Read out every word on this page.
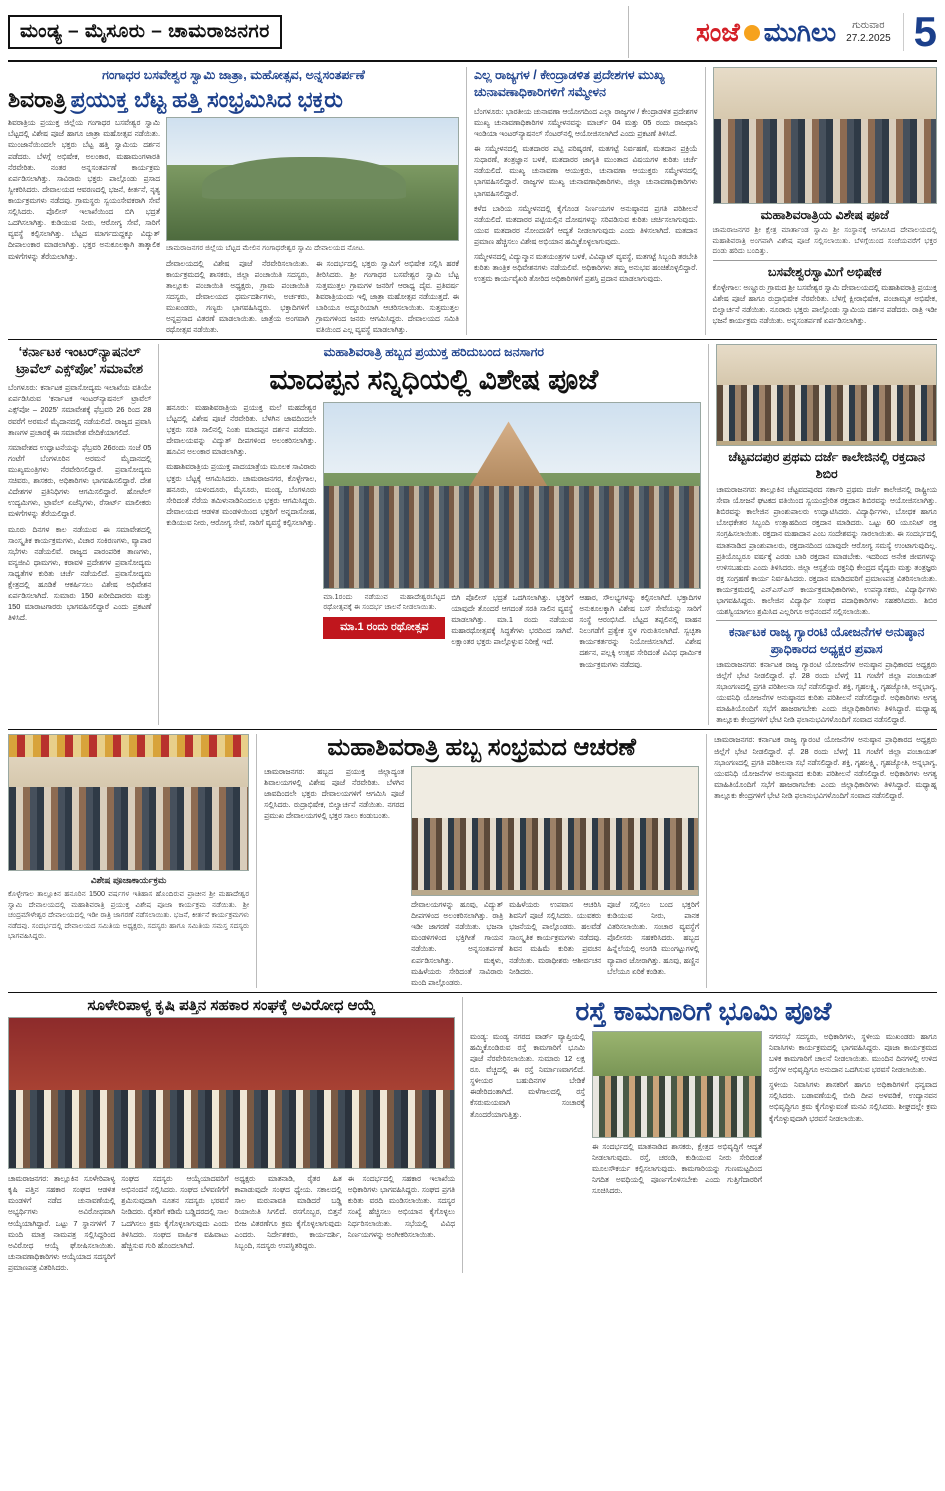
ಮಂಡ್ಯ – ಮೈಸೂರು – ಚಾಮರಾಜನಗರ	ಸಂಜೆ ಮುಗಿಲು	ಗುರುವಾರ
27.2.2025 5
ಗಂಗಾಧರ ಬಸವೇಶ್ವರ ಸ್ವಾಮಿ ಜಾತ್ರಾ, ಮಹೋತ್ಸವ, ಅನ್ನಸಂತರ್ಪಣೆ
ಶಿವರಾತ್ರಿ ಪ್ರಯುಕ್ತ ಬೆಟ್ಟ ಹತ್ತಿ ಸಂಭ್ರಮಿಸಿದ ಭಕ್ತರು
ಶಿವರಾತ್ರಿಯ ಪ್ರಯುಕ್ತ ಜಿಲ್ಲೆಯ ಗಂಗಾಧರ ಬಸವೇಶ್ವರ ಸ್ವಾಮಿ ಬೆಟ್ಟದಲ್ಲಿ ವಿಶೇಷ ಪೂಜೆ ಹಾಗೂ ಜಾತ್ರಾ ಮಹೋತ್ಸವ ನಡೆಯಿತು. ಮುಂಜಾನೆಯಿಂದಲೇ ಭಕ್ತರು ಬೆಟ್ಟ ಹತ್ತಿ ಸ್ವಾಮಿಯ ದರ್ಶನ ಪಡೆದರು. ಬೆಳಗ್ಗೆ ಅಭಿಷೇಕ, ಅಲಂಕಾರ, ಮಹಾಮಂಗಳಾರತಿ ನೆರವೇರಿತು. ನಂತರ ಅನ್ನಸಂತರ್ಪಣೆ ಕಾರ್ಯಕ್ರಮ ಏರ್ಪಡಿಸಲಾಗಿತ್ತು. ಸಾವಿರಾರು ಭಕ್ತರು ಪಾಲ್ಗೊಂಡು ಪ್ರಸಾದ ಸ್ವೀಕರಿಸಿದರು. ದೇವಾಲಯದ ಆವರಣದಲ್ಲಿ ಭಜನೆ, ಕೀರ್ತನೆ, ನೃತ್ಯ ಕಾರ್ಯಕ್ರಮಗಳು ನಡೆದವು. ಗ್ರಾಮಸ್ಥರು ಸ್ವಯಂಸೇವಕರಾಗಿ ಸೇವೆ ಸಲ್ಲಿಸಿದರು. ಪೊಲೀಸ್ ಇಲಾಖೆಯಿಂದ ಬಿಗಿ ಭದ್ರತೆ ಒದಗಿಸಲಾಗಿತ್ತು. ಕುಡಿಯುವ ನೀರು, ಆರೋಗ್ಯ ಸೇವೆ, ಸಾರಿಗೆ ವ್ಯವಸ್ಥೆ ಕಲ್ಪಿಸಲಾಗಿತ್ತು. ಬೆಟ್ಟದ ಮಾರ್ಗದುದ್ದಕ್ಕೂ ವಿದ್ಯುತ್ ದೀಪಾಲಂಕಾರ ಮಾಡಲಾಗಿತ್ತು. ಭಕ್ತರ ಅನುಕೂಲಕ್ಕಾಗಿ ತಾತ್ಕಾಲಿಕ ಮಳಿಗೆಗಳನ್ನು ತೆರೆಯಲಾಗಿತ್ತು.
ಚಾಮರಾಜನಗರ ಜಿಲ್ಲೆಯ ಬೆಟ್ಟದ ಮೇಲಿನ ಗಂಗಾಧರೇಶ್ವರ ಸ್ವಾಮಿ ದೇವಾಲಯದ ನೋಟ.
ದೇವಾಲಯದಲ್ಲಿ ವಿಶೇಷ ಪೂಜೆ ನೆರವೇರಿಸಲಾಯಿತು. ಕಾರ್ಯಕ್ರಮದಲ್ಲಿ ಶಾಸಕರು, ಜಿಲ್ಲಾ ಪಂಚಾಯಿತಿ ಸದಸ್ಯರು, ತಾಲ್ಲೂಕು ಪಂಚಾಯಿತಿ ಅಧ್ಯಕ್ಷರು, ಗ್ರಾಮ ಪಂಚಾಯಿತಿ ಸದಸ್ಯರು, ದೇವಾಲಯದ ಧರ್ಮದರ್ಶಿಗಳು, ಅರ್ಚಕರು, ಮುಖಂಡರು, ಗಣ್ಯರು ಭಾಗವಹಿಸಿದ್ದರು. ಭಕ್ತಾದಿಗಳಿಗೆ ಅನ್ನಪ್ರಸಾದ ವಿತರಣೆ ಮಾಡಲಾಯಿತು. ಜಾತ್ರೆಯ ಅಂಗವಾಗಿ ರಥೋತ್ಸವ ನಡೆಯಿತು.
ಈ ಸಂದರ್ಭದಲ್ಲಿ ಭಕ್ತರು ಸ್ವಾಮಿಗೆ ಅಭಿಷೇಕ ಸಲ್ಲಿಸಿ ಹರಕೆ ತೀರಿಸಿದರು. ಶ್ರೀ ಗಂಗಾಧರ ಬಸವೇಶ್ವರ ಸ್ವಾಮಿ ಬೆಟ್ಟ ಸುತ್ತಮುತ್ತಲ ಗ್ರಾಮಗಳ ಜನರಿಗೆ ಆರಾಧ್ಯ ದೈವ. ಪ್ರತಿವರ್ಷ ಶಿವರಾತ್ರಿಯಂದು ಇಲ್ಲಿ ಜಾತ್ರಾ ಮಹೋತ್ಸವ ನಡೆಯುತ್ತದೆ. ಈ ಬಾರಿಯೂ ಅದ್ದೂರಿಯಾಗಿ ಆಚರಿಸಲಾಯಿತು. ಸುತ್ತಮುತ್ತಲ ಗ್ರಾಮಗಳಿಂದ ಜನರು ಆಗಮಿಸಿದ್ದರು. ದೇವಾಲಯದ ಸಮಿತಿ ವತಿಯಿಂದ ಎಲ್ಲ ವ್ಯವಸ್ಥೆ ಮಾಡಲಾಗಿತ್ತು.
ಎಲ್ಲ ರಾಜ್ಯಗಳ / ಕೇಂದ್ರಾಡಳಿತ ಪ್ರದೇಶಗಳ ಮುಖ್ಯ ಚುನಾವಣಾಧಿಕಾರಿಗಳಿಗೆ ಸಮ್ಮೇಳನ
ಬೆಂಗಳೂರು: ಭಾರತೀಯ ಚುನಾವಣಾ ಆಯೋಗದಿಂದ ಎಲ್ಲಾ ರಾಜ್ಯಗಳ / ಕೇಂದ್ರಾಡಳಿತ ಪ್ರದೇಶಗಳ ಮುಖ್ಯ ಚುನಾವಣಾಧಿಕಾರಿಗಳ ಸಮ್ಮೇಳನವನ್ನು ಮಾರ್ಚ್ 04 ಮತ್ತು 05 ರಂದು ರಾಜಧಾನಿ ಇಂಡಿಯಾ ಇಂಟರ್‌ನ್ಯಾಷನಲ್ ಸೆಂಟರ್‌ನಲ್ಲಿ ಆಯೋಜಿಸಲಾಗಿದೆ ಎಂದು ಪ್ರಕಟಣೆ ತಿಳಿಸಿದೆ.
ಈ ಸಮ್ಮೇಳನದಲ್ಲಿ ಮತದಾರರ ಪಟ್ಟಿ ಪರಿಷ್ಕರಣೆ, ಮತಗಟ್ಟೆ ನಿರ್ವಹಣೆ, ಮತದಾನ ಪ್ರಕ್ರಿಯೆ ಸುಧಾರಣೆ, ತಂತ್ರಜ್ಞಾನ ಬಳಕೆ, ಮತದಾರರ ಜಾಗೃತಿ ಮುಂತಾದ ವಿಷಯಗಳ ಕುರಿತು ಚರ್ಚೆ ನಡೆಯಲಿದೆ. ಮುಖ್ಯ ಚುನಾವಣಾ ಆಯುಕ್ತರು, ಚುನಾವಣಾ ಆಯುಕ್ತರು ಸಮ್ಮೇಳನದಲ್ಲಿ ಭಾಗವಹಿಸಲಿದ್ದಾರೆ. ರಾಜ್ಯಗಳ ಮುಖ್ಯ ಚುನಾವಣಾಧಿಕಾರಿಗಳು, ಜಿಲ್ಲಾ ಚುನಾವಣಾಧಿಕಾರಿಗಳು ಭಾಗವಹಿಸಲಿದ್ದಾರೆ.
ಕಳೆದ ಬಾರಿಯ ಸಮ್ಮೇಳನದಲ್ಲಿ ಕೈಗೊಂಡ ನಿರ್ಣಯಗಳ ಅನುಷ್ಠಾನದ ಪ್ರಗತಿ ಪರಿಶೀಲನೆ ನಡೆಯಲಿದೆ. ಮತದಾರರ ಪಟ್ಟಿಯಲ್ಲಿನ ದೋಷಗಳನ್ನು ಸರಿಪಡಿಸುವ ಕುರಿತು ಚರ್ಚಿಸಲಾಗುವುದು. ಯುವ ಮತದಾರರ ನೋಂದಣಿಗೆ ಆದ್ಯತೆ ನೀಡಲಾಗುವುದು ಎಂದು ತಿಳಿಸಲಾಗಿದೆ. ಮತದಾನ ಪ್ರಮಾಣ ಹೆಚ್ಚಿಸಲು ವಿಶೇಷ ಅಭಿಯಾನ ಹಮ್ಮಿಕೊಳ್ಳಲಾಗುವುದು.
ಸಮ್ಮೇಳನದಲ್ಲಿ ವಿದ್ಯುನ್ಮಾನ ಮತಯಂತ್ರಗಳ ಬಳಕೆ, ವಿವಿಪ್ಯಾಟ್ ವ್ಯವಸ್ಥೆ, ಮತಗಟ್ಟೆ ಸಿಬ್ಬಂದಿ ತರಬೇತಿ ಕುರಿತು ತಾಂತ್ರಿಕ ಅಧಿವೇಶನಗಳು ನಡೆಯಲಿವೆ. ಅಧಿಕಾರಿಗಳು ತಮ್ಮ ಅನುಭವ ಹಂಚಿಕೊಳ್ಳಲಿದ್ದಾರೆ. ಉತ್ತಮ ಕಾರ್ಯವೈಖರಿ ತೋರಿದ ಅಧಿಕಾರಿಗಳಿಗೆ ಪ್ರಶಸ್ತಿ ಪ್ರದಾನ ಮಾಡಲಾಗುವುದು.
ಮಹಾಶಿವರಾತ್ರಿಯ ವಿಶೇಷ ಪೂಜೆ
ಚಾಮರಾಜನಗರ ಶ್ರೀ ಕ್ಷೇತ್ರ ಮಾರ್ತಾಂಡ ಸ್ವಾಮಿ ಶ್ರೀ ಸಂಸ್ಥಾನಕ್ಕೆ ಆಗಮಿಸಿದ ದೇವಾಲಯದಲ್ಲಿ ಮಹಾಶಿವರಾತ್ರಿ ಅಂಗವಾಗಿ ವಿಶೇಷ ಪೂಜೆ ಸಲ್ಲಿಸಲಾಯಿತು. ಬೆಳಗ್ಗೆಯಿಂದ ಸಂಜೆಯವರೆಗೆ ಭಕ್ತರ ದಂಡು ಹರಿದು ಬಂದಿತ್ತು.
ಬಸವೇಶ್ವರಸ್ವಾಮಿಗೆ ಅಭಿಷೇಕ
ಕೊಳ್ಳೇಗಾಲ: ಅಣ್ಣೂರು ಗ್ರಾಮದ ಶ್ರೀ ಬಸವೇಶ್ವರ ಸ್ವಾಮಿ ದೇವಾಲಯದಲ್ಲಿ ಮಹಾಶಿವರಾತ್ರಿ ಪ್ರಯುಕ್ತ ವಿಶೇಷ ಪೂಜೆ ಹಾಗೂ ರುದ್ರಾಭಿಷೇಕ ನೆರವೇರಿತು. ಬೆಳಗ್ಗೆ ಕ್ಷೀರಾಭಿಷೇಕ, ಪಂಚಾಮೃತ ಅಭಿಷೇಕ, ಬಿಲ್ವಾರ್ಚನೆ ನಡೆಯಿತು. ನೂರಾರು ಭಕ್ತರು ಪಾಲ್ಗೊಂಡು ಸ್ವಾಮಿಯ ದರ್ಶನ ಪಡೆದರು. ರಾತ್ರಿ ಇಡೀ ಭಜನೆ ಕಾರ್ಯಕ್ರಮ ನಡೆಯಿತು. ಅನ್ನಸಂತರ್ಪಣೆ ಏರ್ಪಡಿಸಲಾಗಿತ್ತು.
‘ಕರ್ನಾಟಕ ಇಂಟರ್‌ನ್ಯಾಷನಲ್
ಟ್ರಾವೆಲ್ ಎಕ್ಸ್‌ಪೋ’ ಸಮಾವೇಶ
ಬೆಂಗಳೂರು: ಕರ್ನಾಟಕ ಪ್ರವಾಸೋದ್ಯಮ ಇಲಾಖೆಯ ವತಿಯೇ ಏರ್ಪಡಿಸಿರುವ ‘ಕರ್ನಾಟಕ ಇಂಟರ್‌ನ್ಯಾಷನಲ್ ಟ್ರಾವೆಲ್ ಎಕ್ಸ್‌ಪೋ – 2025’ ಸಮಾವೇಶಕ್ಕೆ ಫೆಬ್ರವರಿ 26 ರಿಂದ 28 ರವರೆಗೆ ಅರಮನೆ ಮೈದಾನದಲ್ಲಿ ನಡೆಯಲಿದೆ. ರಾಜ್ಯದ ಪ್ರವಾಸಿ ತಾಣಗಳ ಪ್ರಚಾರಕ್ಕೆ ಈ ಸಮಾವೇಶ ವೇದಿಕೆಯಾಗಲಿದೆ.
ಸಮಾವೇಶದ ಉದ್ಘಾಟನೆಯನ್ನು ಫೆಬ್ರವರಿ 26ರಂದು ಸಂಜೆ 05 ಗಂಟೆಗೆ ಬೆಂಗಳೂರಿನ ಅರಮನೆ ಮೈದಾನದಲ್ಲಿ ಮುಖ್ಯಮಂತ್ರಿಗಳು ನೆರವೇರಿಸಲಿದ್ದಾರೆ. ಪ್ರವಾಸೋದ್ಯಮ ಸಚಿವರು, ಶಾಸಕರು, ಅಧಿಕಾರಿಗಳು ಭಾಗವಹಿಸಲಿದ್ದಾರೆ. ದೇಶ ವಿದೇಶಗಳ ಪ್ರತಿನಿಧಿಗಳು ಆಗಮಿಸಲಿದ್ದಾರೆ. ಹೋಟೆಲ್ ಉದ್ಯಮಿಗಳು, ಟ್ರಾವೆಲ್ ಏಜೆನ್ಸಿಗಳು, ರೆಸಾರ್ಟ್ ಮಾಲೀಕರು ಮಳಿಗೆಗಳನ್ನು ತೆರೆಯಲಿದ್ದಾರೆ.
ಮೂರು ದಿನಗಳ ಕಾಲ ನಡೆಯುವ ಈ ಸಮಾವೇಶದಲ್ಲಿ ಸಾಂಸ್ಕೃತಿಕ ಕಾರ್ಯಕ್ರಮಗಳು, ವಿಚಾರ ಸಂಕಿರಣಗಳು, ವ್ಯಾಪಾರ ಸಭೆಗಳು ನಡೆಯಲಿವೆ. ರಾಜ್ಯದ ಪಾರಂಪರಿಕ ತಾಣಗಳು, ವನ್ಯಜೀವಿ ಧಾಮಗಳು, ಕರಾವಳಿ ಪ್ರದೇಶಗಳ ಪ್ರವಾಸೋದ್ಯಮ ಸಾಧ್ಯತೆಗಳ ಕುರಿತು ಚರ್ಚೆ ನಡೆಯಲಿದೆ. ಪ್ರವಾಸೋದ್ಯಮ ಕ್ಷೇತ್ರದಲ್ಲಿ ಹೂಡಿಕೆ ಆಕರ್ಷಿಸಲು ವಿಶೇಷ ಅಧಿವೇಶನ ಏರ್ಪಡಿಸಲಾಗಿದೆ. ಸುಮಾರು 150 ಖರೀದಿದಾರರು ಮತ್ತು 150 ಮಾರಾಟಗಾರರು ಭಾಗವಹಿಸಲಿದ್ದಾರೆ ಎಂದು ಪ್ರಕಟಣೆ ತಿಳಿಸಿದೆ.
ಮಹಾಶಿವರಾತ್ರಿ ಹಬ್ಬದ ಪ್ರಯುಕ್ತ ಹರಿದುಬಂದ ಜನಸಾಗರ
ಮಾದಪ್ಪನ ಸನ್ನಿಧಿಯಲ್ಲಿ ವಿಶೇಷ ಪೂಜೆ
ಹನೂರು: ಮಹಾಶಿವರಾತ್ರಿಯ ಪ್ರಯುಕ್ತ ಮಲೆ ಮಹದೇಶ್ವರ ಬೆಟ್ಟದಲ್ಲಿ ವಿಶೇಷ ಪೂಜೆ ನೆರವೇರಿತು. ಬೆಳಗಿನ ಜಾವದಿಂದಲೇ ಭಕ್ತರು ಸರತಿ ಸಾಲಿನಲ್ಲಿ ನಿಂತು ಮಾದಪ್ಪನ ದರ್ಶನ ಪಡೆದರು. ದೇವಾಲಯವನ್ನು ವಿದ್ಯುತ್ ದೀಪಗಳಿಂದ ಅಲಂಕರಿಸಲಾಗಿತ್ತು. ಹೂವಿನ ಅಲಂಕಾರ ಮಾಡಲಾಗಿತ್ತು.
ಮಹಾಶಿವರಾತ್ರಿಯ ಪ್ರಯುಕ್ತ ಪಾದಯಾತ್ರೆಯ ಮೂಲಕ ಸಾವಿರಾರು ಭಕ್ತರು ಬೆಟ್ಟಕ್ಕೆ ಆಗಮಿಸಿದರು. ಚಾಮರಾಜನಗರ, ಕೊಳ್ಳೇಗಾಲ, ಹನೂರು, ಯಳಂದೂರು, ಮೈಸೂರು, ಮಂಡ್ಯ, ಬೆಂಗಳೂರು ಸೇರಿದಂತೆ ನೆರೆಯ ತಮಿಳುನಾಡಿನಿಂದಲೂ ಭಕ್ತರು ಆಗಮಿಸಿದ್ದರು. ದೇವಾಲಯದ ಆಡಳಿತ ಮಂಡಳಿಯಿಂದ ಭಕ್ತರಿಗೆ ಅನ್ನದಾಸೋಹ, ಕುಡಿಯುವ ನೀರು, ಆರೋಗ್ಯ ಸೇವೆ, ಸಾರಿಗೆ ವ್ಯವಸ್ಥೆ ಕಲ್ಪಿಸಲಾಗಿತ್ತು.
ಮಾ.1ರಂದು ನಡೆಯುವ ಮಹಾದೇಶ್ವರಬೆಟ್ಟದ ರಥೋತ್ಸವಕ್ಕೆ ಈ ಸಂದರ್ಭ ಚಾಲನೆ ನೀಡಲಾಯಿತು.
ಮಾ.1 ರಂದು ರಥೋತ್ಸವ
ಬಿಗಿ ಪೊಲೀಸ್ ಭದ್ರತೆ ಒದಗಿಸಲಾಗಿತ್ತು. ಭಕ್ತರಿಗೆ ಯಾವುದೇ ತೊಂದರೆ ಆಗದಂತೆ ಸರತಿ ಸಾಲಿನ ವ್ಯವಸ್ಥೆ ಮಾಡಲಾಗಿತ್ತು. ಮಾ.1 ರಂದು ನಡೆಯುವ ಮಹಾರಥೋತ್ಸವಕ್ಕೆ ಸಿದ್ಧತೆಗಳು ಭರದಿಂದ ಸಾಗಿವೆ. ಲಕ್ಷಾಂತರ ಭಕ್ತರು ಪಾಲ್ಗೊಳ್ಳುವ ನಿರೀಕ್ಷೆ ಇದೆ.
ಆಹಾರ, ಸೌಲಭ್ಯಗಳನ್ನು ಕಲ್ಪಿಸಲಾಗಿದೆ. ಭಕ್ತಾದಿಗಳ ಅನುಕೂಲಕ್ಕಾಗಿ ವಿಶೇಷ ಬಸ್ ಸೇವೆಯನ್ನು ಸಾರಿಗೆ ಸಂಸ್ಥೆ ಆರಂಭಿಸಿದೆ. ಬೆಟ್ಟದ ತಪ್ಪಲಿನಲ್ಲಿ ವಾಹನ ನಿಲುಗಡೆಗೆ ಪ್ರತ್ಯೇಕ ಸ್ಥಳ ಗುರುತಿಸಲಾಗಿದೆ. ಸ್ವಚ್ಛತಾ ಕಾರ್ಯಕರ್ತರನ್ನು ನಿಯೋಜಿಸಲಾಗಿದೆ. ವಿಶೇಷ ದರ್ಶನ, ಪಲ್ಲಕ್ಕಿ ಉತ್ಸವ ಸೇರಿದಂತೆ ವಿವಿಧ ಧಾರ್ಮಿಕ ಕಾರ್ಯಕ್ರಮಗಳು ನಡೆದವು.
ಚೆಟ್ಟವದಪುರ ಪ್ರಥಮ ದರ್ಜೆ ಕಾಲೇಜಿನಲ್ಲಿ ರಕ್ತದಾನ ಶಿಬಿರ
ಚಾಮರಾಜನಗರ: ತಾಲ್ಲೂಕಿನ ಚೆಟ್ಟವದಪುರದ ಸರ್ಕಾರಿ ಪ್ರಥಮ ದರ್ಜೆ ಕಾಲೇಜಿನಲ್ಲಿ ರಾಷ್ಟ್ರೀಯ ಸೇವಾ ಯೋಜನೆ ಘಟಕದ ವತಿಯಿಂದ ಸ್ವಯಂಪ್ರೇರಿತ ರಕ್ತದಾನ ಶಿಬಿರವನ್ನು ಆಯೋಜಿಸಲಾಗಿತ್ತು. ಶಿಬಿರವನ್ನು ಕಾಲೇಜಿನ ಪ್ರಾಂಶುಪಾಲರು ಉದ್ಘಾಟಿಸಿದರು. ವಿದ್ಯಾರ್ಥಿಗಳು, ಬೋಧಕ ಹಾಗೂ ಬೋಧಕೇತರ ಸಿಬ್ಬಂದಿ ಉತ್ಸಾಹದಿಂದ ರಕ್ತದಾನ ಮಾಡಿದರು. ಒಟ್ಟು 60 ಯೂನಿಟ್ ರಕ್ತ ಸಂಗ್ರಹಿಸಲಾಯಿತು. ರಕ್ತದಾನ ಮಹಾದಾನ ಎಂಬ ಸಂದೇಶವನ್ನು ಸಾರಲಾಯಿತು. ಈ ಸಂದರ್ಭದಲ್ಲಿ ಮಾತನಾಡಿದ ಪ್ರಾಂಶುಪಾಲರು, ರಕ್ತದಾನದಿಂದ ಯಾವುದೇ ಆರೋಗ್ಯ ಸಮಸ್ಯೆ ಉಂಟಾಗುವುದಿಲ್ಲ. ಪ್ರತಿಯೊಬ್ಬರೂ ವರ್ಷಕ್ಕೆ ಎರಡು ಬಾರಿ ರಕ್ತದಾನ ಮಾಡಬೇಕು. ಇದರಿಂದ ಅನೇಕ ಜೀವಗಳನ್ನು ಉಳಿಸಬಹುದು ಎಂದು ತಿಳಿಸಿದರು. ಜಿಲ್ಲಾ ಆಸ್ಪತ್ರೆಯ ರಕ್ತನಿಧಿ ಕೇಂದ್ರದ ವೈದ್ಯರು ಮತ್ತು ತಂತ್ರಜ್ಞರು ರಕ್ತ ಸಂಗ್ರಹಣೆ ಕಾರ್ಯ ನಿರ್ವಹಿಸಿದರು. ರಕ್ತದಾನ ಮಾಡಿದವರಿಗೆ ಪ್ರಮಾಣಪತ್ರ ವಿತರಿಸಲಾಯಿತು. ಕಾರ್ಯಕ್ರಮದಲ್ಲಿ ಎನ್‌ಎಸ್‌ಎಸ್ ಕಾರ್ಯಕ್ರಮಾಧಿಕಾರಿಗಳು, ಉಪನ್ಯಾಸಕರು, ವಿದ್ಯಾರ್ಥಿಗಳು ಭಾಗವಹಿಸಿದ್ದರು. ಕಾಲೇಜಿನ ವಿದ್ಯಾರ್ಥಿ ಸಂಘದ ಪದಾಧಿಕಾರಿಗಳು ಸಹಕರಿಸಿದರು. ಶಿಬಿರ ಯಶಸ್ವಿಯಾಗಲು ಶ್ರಮಿಸಿದ ಎಲ್ಲರಿಗೂ ಅಭಿನಂದನೆ ಸಲ್ಲಿಸಲಾಯಿತು.
ಕರ್ನಾಟಕ ರಾಜ್ಯ ಗ್ಯಾರಂಟಿ ಯೋಜನೆಗಳ ಅನುಷ್ಠಾನ ಪ್ರಾಧಿಕಾರದ ಅಧ್ಯಕ್ಷರ ಪ್ರವಾಸ
ಚಾಮರಾಜನಗರ: ಕರ್ನಾಟಕ ರಾಜ್ಯ ಗ್ಯಾರಂಟಿ ಯೋಜನೆಗಳ ಅನುಷ್ಠಾನ ಪ್ರಾಧಿಕಾರದ ಅಧ್ಯಕ್ಷರು ಜಿಲ್ಲೆಗೆ ಭೇಟಿ ನೀಡಲಿದ್ದಾರೆ. ಫೆ. 28 ರಂದು ಬೆಳಗ್ಗೆ 11 ಗಂಟೆಗೆ ಜಿಲ್ಲಾ ಪಂಚಾಯತ್ ಸಭಾಂಗಣದಲ್ಲಿ ಪ್ರಗತಿ ಪರಿಶೀಲನಾ ಸಭೆ ನಡೆಸಲಿದ್ದಾರೆ. ಶಕ್ತಿ, ಗೃಹಲಕ್ಷ್ಮಿ, ಗೃಹಜ್ಯೋತಿ, ಅನ್ನಭಾಗ್ಯ, ಯುವನಿಧಿ ಯೋಜನೆಗಳ ಅನುಷ್ಠಾನದ ಕುರಿತು ಪರಿಶೀಲನೆ ನಡೆಸಲಿದ್ದಾರೆ. ಅಧಿಕಾರಿಗಳು ಅಗತ್ಯ ಮಾಹಿತಿಯೊಂದಿಗೆ ಸಭೆಗೆ ಹಾಜರಾಗಬೇಕು ಎಂದು ಜಿಲ್ಲಾಧಿಕಾರಿಗಳು ತಿಳಿಸಿದ್ದಾರೆ. ಮಧ್ಯಾಹ್ನ ತಾಲ್ಲೂಕು ಕೇಂದ್ರಗಳಿಗೆ ಭೇಟಿ ನೀಡಿ ಫಲಾನುಭವಿಗಳೊಂದಿಗೆ ಸಂವಾದ ನಡೆಸಲಿದ್ದಾರೆ.
ವಿಶೇಷ ಪೂಜಾಕಾರ್ಯಕ್ರಮ
ಕೊಳ್ಳೇಗಾಲ ತಾಲ್ಲೂಕಿನ ಹನೂರಿನ 1500 ವರ್ಷಗಳ ಇತಿಹಾಸ ಹೊಂದಿರುವ ಪ್ರಾಚೀನ ಶ್ರೀ ಮಹಾದೇಶ್ವರ ಸ್ವಾಮಿ ದೇವಾಲಯದಲ್ಲಿ ಮಹಾಶಿವರಾತ್ರಿ ಪ್ರಯುಕ್ತ ವಿಶೇಷ ಪೂಜಾ ಕಾರ್ಯಕ್ರಮ ನಡೆಯಿತು. ಶ್ರೀ ಚಂದ್ರಮೌಳೇಶ್ವರ ದೇವಾಲಯದಲ್ಲಿ ಇಡೀ ರಾತ್ರಿ ಜಾಗರಣೆ ನಡೆಸಲಾಯಿತು. ಭಜನೆ, ಕೀರ್ತನೆ ಕಾರ್ಯಕ್ರಮಗಳು ನಡೆದವು. ಸಂದರ್ಭದಲ್ಲಿ ದೇವಾಲಯದ ಸಮಿತಿಯ ಅಧ್ಯಕ್ಷರು, ಸದಸ್ಯರು ಹಾಗೂ ಸಮಿತಿಯ ಸಮಸ್ತ ಸದಸ್ಯರು ಭಾಗವಹಿಸಿದ್ದರು.
ಮಹಾಶಿವರಾತ್ರಿ ಹಬ್ಬ ಸಂಭ್ರಮದ ಆಚರಣೆ
ಚಾಮರಾಜನಗರ: ಹಬ್ಬದ ಪ್ರಯುಕ್ತ ಜಿಲ್ಲಾದ್ಯಂತ ಶಿವಾಲಯಗಳಲ್ಲಿ ವಿಶೇಷ ಪೂಜೆ ನೆರವೇರಿತು. ಬೆಳಗಿನ ಜಾವದಿಂದಲೇ ಭಕ್ತರು ದೇವಾಲಯಗಳಿಗೆ ಆಗಮಿಸಿ ಪೂಜೆ ಸಲ್ಲಿಸಿದರು. ರುದ್ರಾಭಿಷೇಕ, ಬಿಲ್ವಾರ್ಚನೆ ನಡೆಯಿತು. ನಗರದ ಪ್ರಮುಖ ದೇವಾಲಯಗಳಲ್ಲಿ ಭಕ್ತರ ಸಾಲು ಕಂಡುಬಂತು.
ದೇವಾಲಯಗಳನ್ನು ಹೂವು, ವಿದ್ಯುತ್ ದೀಪಗಳಿಂದ ಅಲಂಕರಿಸಲಾಗಿತ್ತು. ರಾತ್ರಿ ಇಡೀ ಜಾಗರಣೆ ನಡೆಯಿತು. ಭಜನಾ ಮಂಡಳಿಗಳಿಂದ ಭಕ್ತಿಗೀತೆ ಗಾಯನ ನಡೆಯಿತು. ಅನ್ನಸಂತರ್ಪಣೆ ಏರ್ಪಡಿಸಲಾಗಿತ್ತು. ಮಕ್ಕಳು, ಮಹಿಳೆಯರು ಸೇರಿದಂತೆ ಸಾವಿರಾರು ಮಂದಿ ಪಾಲ್ಗೊಂಡರು.
ಮಹಿಳೆಯರು ಉಪವಾಸ ಆಚರಿಸಿ ಶಿವನಿಗೆ ಪೂಜೆ ಸಲ್ಲಿಸಿದರು. ಯುವಕರು ಭಜನೆಯಲ್ಲಿ ಪಾಲ್ಗೊಂಡರು. ಹಲವೆಡೆ ಸಾಂಸ್ಕೃತಿಕ ಕಾರ್ಯಕ್ರಮಗಳು ನಡೆದವು. ಶಿವನ ಮಹಿಮೆ ಕುರಿತು ಪ್ರವಚನ ನಡೆಯಿತು. ಮಠಾಧೀಶರು ಆಶೀರ್ವಚನ ನೀಡಿದರು.
ಪೂಜೆ ಸಲ್ಲಿಸಲು ಬಂದ ಭಕ್ತರಿಗೆ ಕುಡಿಯುವ ನೀರು, ಪಾನಕ ವಿತರಿಸಲಾಯಿತು. ಸಂಚಾರ ವ್ಯವಸ್ಥೆಗೆ ಪೊಲೀಸರು ಸಹಕರಿಸಿದರು. ಹಬ್ಬದ ಹಿನ್ನೆಲೆಯಲ್ಲಿ ಅಂಗಡಿ ಮುಂಗಟ್ಟುಗಳಲ್ಲಿ ವ್ಯಾಪಾರ ಜೋರಾಗಿತ್ತು. ಹೂವು, ಹಣ್ಣಿನ ಬೆಲೆಯೂ ಏರಿಕೆ ಕಂಡಿತು.
ಚಾಮರಾಜನಗರ: ಕರ್ನಾಟಕ ರಾಜ್ಯ ಗ್ಯಾರಂಟಿ ಯೋಜನೆಗಳ ಅನುಷ್ಠಾನ ಪ್ರಾಧಿಕಾರದ ಅಧ್ಯಕ್ಷರು ಜಿಲ್ಲೆಗೆ ಭೇಟಿ ನೀಡಲಿದ್ದಾರೆ. ಫೆ. 28 ರಂದು ಬೆಳಗ್ಗೆ 11 ಗಂಟೆಗೆ ಜಿಲ್ಲಾ ಪಂಚಾಯತ್ ಸಭಾಂಗಣದಲ್ಲಿ ಪ್ರಗತಿ ಪರಿಶೀಲನಾ ಸಭೆ ನಡೆಸಲಿದ್ದಾರೆ. ಶಕ್ತಿ, ಗೃಹಲಕ್ಷ್ಮಿ, ಗೃಹಜ್ಯೋತಿ, ಅನ್ನಭಾಗ್ಯ, ಯುವನಿಧಿ ಯೋಜನೆಗಳ ಅನುಷ್ಠಾನದ ಕುರಿತು ಪರಿಶೀಲನೆ ನಡೆಸಲಿದ್ದಾರೆ. ಅಧಿಕಾರಿಗಳು ಅಗತ್ಯ ಮಾಹಿತಿಯೊಂದಿಗೆ ಸಭೆಗೆ ಹಾಜರಾಗಬೇಕು ಎಂದು ಜಿಲ್ಲಾಧಿಕಾರಿಗಳು ತಿಳಿಸಿದ್ದಾರೆ. ಮಧ್ಯಾಹ್ನ ತಾಲ್ಲೂಕು ಕೇಂದ್ರಗಳಿಗೆ ಭೇಟಿ ನೀಡಿ ಫಲಾನುಭವಿಗಳೊಂದಿಗೆ ಸಂವಾದ ನಡೆಸಲಿದ್ದಾರೆ.
ಸೂಳೇರಿಪಾಳ್ಯ ಕೃಷಿ ಪತ್ತಿನ ಸಹಕಾರ ಸಂಘಕ್ಕೆ ಅವಿರೋಧ ಆಯ್ಕೆ
ಚಾಮರಾಜನಗರ: ತಾಲ್ಲೂಕಿನ ಸೂಳೇರಿಪಾಳ್ಯ ಕೃಷಿ ಪತ್ತಿನ ಸಹಕಾರ ಸಂಘದ ಆಡಳಿತ ಮಂಡಳಿಗೆ ನಡೆದ ಚುನಾವಣೆಯಲ್ಲಿ ಅಭ್ಯರ್ಥಿಗಳು ಅವಿರೋಧವಾಗಿ ಆಯ್ಕೆಯಾಗಿದ್ದಾರೆ. ಒಟ್ಟು 7 ಸ್ಥಾನಗಳಿಗೆ 7 ಮಂದಿ ಮಾತ್ರ ನಾಮಪತ್ರ ಸಲ್ಲಿಸಿದ್ದರಿಂದ ಅವಿರೋಧ ಆಯ್ಕೆ ಘೋಷಿಸಲಾಯಿತು. ಚುನಾವಣಾಧಿಕಾರಿಗಳು ಆಯ್ಕೆಯಾದ ಸದಸ್ಯರಿಗೆ ಪ್ರಮಾಣಪತ್ರ ವಿತರಿಸಿದರು.
ಸಂಘದ ಸದಸ್ಯರು ಆಯ್ಕೆಯಾದವರಿಗೆ ಅಭಿನಂದನೆ ಸಲ್ಲಿಸಿದರು. ಸಂಘದ ಬೆಳವಣಿಗೆಗೆ ಶ್ರಮಿಸುವುದಾಗಿ ನೂತನ ಸದಸ್ಯರು ಭರವಸೆ ನೀಡಿದರು. ರೈತರಿಗೆ ಕಡಿಮೆ ಬಡ್ಡಿದರದಲ್ಲಿ ಸಾಲ ಒದಗಿಸಲು ಕ್ರಮ ಕೈಗೊಳ್ಳಲಾಗುವುದು ಎಂದು ತಿಳಿಸಿದರು. ಸಂಘದ ವಾರ್ಷಿಕ ವಹಿವಾಟು ಹೆಚ್ಚಿಸುವ ಗುರಿ ಹೊಂದಲಾಗಿದೆ.
ಅಧ್ಯಕ್ಷರು ಮಾತನಾಡಿ, ರೈತರ ಹಿತ ಕಾಪಾಡುವುದೇ ಸಂಘದ ಧ್ಯೇಯ. ಸಕಾಲದಲ್ಲಿ ಸಾಲ ಮರುಪಾವತಿ ಮಾಡಿದರೆ ಬಡ್ಡಿ ರಿಯಾಯಿತಿ ಸಿಗಲಿದೆ. ರಸಗೊಬ್ಬರ, ಬಿತ್ತನೆ ಬೀಜ ವಿತರಣೆಗೂ ಕ್ರಮ ಕೈಗೊಳ್ಳಲಾಗುವುದು ಎಂದರು. ನಿರ್ದೇಶಕರು, ಕಾರ್ಯದರ್ಶಿ, ಸಿಬ್ಬಂದಿ, ಸದಸ್ಯರು ಉಪಸ್ಥಿತರಿದ್ದರು.
ಈ ಸಂದರ್ಭದಲ್ಲಿ ಸಹಕಾರ ಇಲಾಖೆಯ ಅಧಿಕಾರಿಗಳು ಭಾಗವಹಿಸಿದ್ದರು. ಸಂಘದ ಪ್ರಗತಿ ಕುರಿತು ವರದಿ ಮಂಡಿಸಲಾಯಿತು. ಸದಸ್ಯರ ಸಂಖ್ಯೆ ಹೆಚ್ಚಿಸಲು ಅಭಿಯಾನ ಕೈಗೊಳ್ಳಲು ನಿರ್ಧರಿಸಲಾಯಿತು. ಸಭೆಯಲ್ಲಿ ವಿವಿಧ ನಿರ್ಣಯಗಳನ್ನು ಅಂಗೀಕರಿಸಲಾಯಿತು.
ರಸ್ತೆ ಕಾಮಗಾರಿಗೆ ಭೂಮಿ ಪೂಜೆ
ಮಂಡ್ಯ: ಮಂಡ್ಯ ನಗರದ ವಾರ್ಡ್ ವ್ಯಾಪ್ತಿಯಲ್ಲಿ ಹಮ್ಮಿಕೊಂಡಿರುವ ರಸ್ತೆ ಕಾಮಗಾರಿಗೆ ಭೂಮಿ ಪೂಜೆ ನೆರವೇರಿಸಲಾಯಿತು. ಸುಮಾರು 12 ಲಕ್ಷ ರೂ. ವೆಚ್ಚದಲ್ಲಿ ಈ ರಸ್ತೆ ನಿರ್ಮಾಣವಾಗಲಿದೆ. ಸ್ಥಳೀಯರ ಬಹುದಿನಗಳ ಬೇಡಿಕೆ ಈಡೇರಿದಂತಾಗಿದೆ. ಮಳೆಗಾಲದಲ್ಲಿ ರಸ್ತೆ ಕೆಸರುಮಯವಾಗಿ ಸಂಚಾರಕ್ಕೆ ತೊಂದರೆಯಾಗುತ್ತಿತ್ತು.
ಈ ಸಂದರ್ಭದಲ್ಲಿ ಮಾತನಾಡಿದ ಶಾಸಕರು, ಕ್ಷೇತ್ರದ ಅಭಿವೃದ್ಧಿಗೆ ಆದ್ಯತೆ ನೀಡಲಾಗುವುದು. ರಸ್ತೆ, ಚರಂಡಿ, ಕುಡಿಯುವ ನೀರು ಸೇರಿದಂತೆ ಮೂಲಸೌಕರ್ಯ ಕಲ್ಪಿಸಲಾಗುವುದು. ಕಾಮಗಾರಿಯನ್ನು ಗುಣಮಟ್ಟದಿಂದ ನಿಗದಿತ ಅವಧಿಯಲ್ಲಿ ಪೂರ್ಣಗೊಳಿಸಬೇಕು ಎಂದು ಗುತ್ತಿಗೆದಾರರಿಗೆ ಸೂಚಿಸಿದರು.
ನಗರಸಭೆ ಸದಸ್ಯರು, ಅಧಿಕಾರಿಗಳು, ಸ್ಥಳೀಯ ಮುಖಂಡರು ಹಾಗೂ ನಿವಾಸಿಗಳು ಕಾರ್ಯಕ್ರಮದಲ್ಲಿ ಭಾಗವಹಿಸಿದ್ದರು. ಪೂಜಾ ಕಾರ್ಯಕ್ರಮದ ಬಳಿಕ ಕಾಮಗಾರಿಗೆ ಚಾಲನೆ ನೀಡಲಾಯಿತು. ಮುಂದಿನ ದಿನಗಳಲ್ಲಿ ಉಳಿದ ರಸ್ತೆಗಳ ಅಭಿವೃದ್ಧಿಗೂ ಅನುದಾನ ಒದಗಿಸುವ ಭರವಸೆ ನೀಡಲಾಯಿತು.
ಸ್ಥಳೀಯ ನಿವಾಸಿಗಳು ಶಾಸಕರಿಗೆ ಹಾಗೂ ಅಧಿಕಾರಿಗಳಿಗೆ ಧನ್ಯವಾದ ಸಲ್ಲಿಸಿದರು. ಬಡಾವಣೆಯಲ್ಲಿ ಬೀದಿ ದೀಪ ಅಳವಡಿಕೆ, ಉದ್ಯಾನವನ ಅಭಿವೃದ್ಧಿಗೂ ಕ್ರಮ ಕೈಗೊಳ್ಳುವಂತೆ ಮನವಿ ಸಲ್ಲಿಸಿದರು. ಶೀಘ್ರದಲ್ಲೇ ಕ್ರಮ ಕೈಗೊಳ್ಳುವುದಾಗಿ ಭರವಸೆ ನೀಡಲಾಯಿತು.
